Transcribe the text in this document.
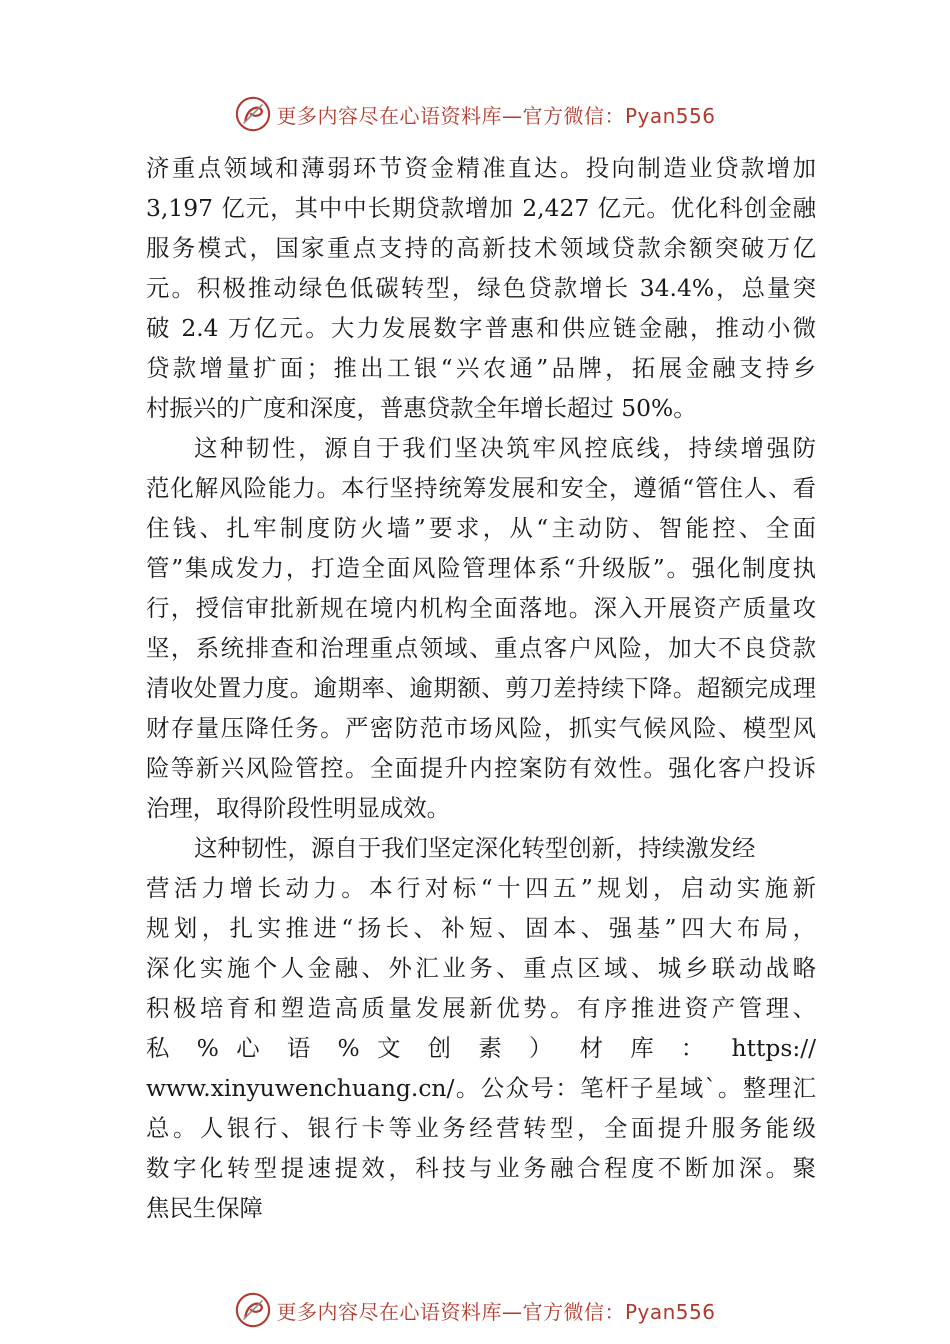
更多内容尽在心语资料库—官方微信：Pyan556
济重点领域和薄弱环节资金精准直达。投向制造业贷款增加
3,197 亿元，其中中长期贷款增加 2,427 亿元。优化科创金融
服务模式，国家重点支持的高新技术领域贷款余额突破万亿
元。积极推动绿色低碳转型，绿色贷款增长 34.4%，总量突
破 2.4 万亿元。大力发展数字普惠和供应链金融，推动小微
贷款增量扩面；推出工银“兴农通”品牌，拓展金融支持乡
村振兴的广度和深度，普惠贷款全年增长超过 50%。
这种韧性，源自于我们坚决筑牢风控底线，持续增强防
范化解风险能力。本行坚持统筹发展和安全，遵循“管住人、看
住钱、扎牢制度防火墙”要求，从“主动防、智能控、全面
管”集成发力，打造全面风险管理体系“升级版”。强化制度执
行，授信审批新规在境内机构全面落地。深入开展资产质量攻
坚，系统排查和治理重点领域、重点客户风险，加大不良贷款
清收处置力度。逾期率、逾期额、剪刀差持续下降。超额完成理
财存量压降任务。严密防范市场风险，抓实气候风险、模型风
险等新兴风险管控。全面提升内控案防有效性。强化客户投诉
治理，取得阶段性明显成效。
这种韧性，源自于我们坚定深化转型创新，持续激发经
营活力增长动力。本行对标“十四五”规划，启动实施新
规划，扎实推进“扬长、补短、固本、强基”四大布局，
深化实施个人金融、外汇业务、重点区域、城乡联动战略
积极培育和塑造高质量发展新优势。有序推进资产管理、
私 % 心 语 % 文 创 素 ） 材 库 ： https://
www.xinyuwenchuang.cn/。公众号：笔杆子星域`。整理汇
总。人银行、银行卡等业务经营转型，全面提升服务能级
数字化转型提速提效，科技与业务融合程度不断加深。聚
焦民生保障
更多内容尽在心语资料库—官方微信：Pyan556
